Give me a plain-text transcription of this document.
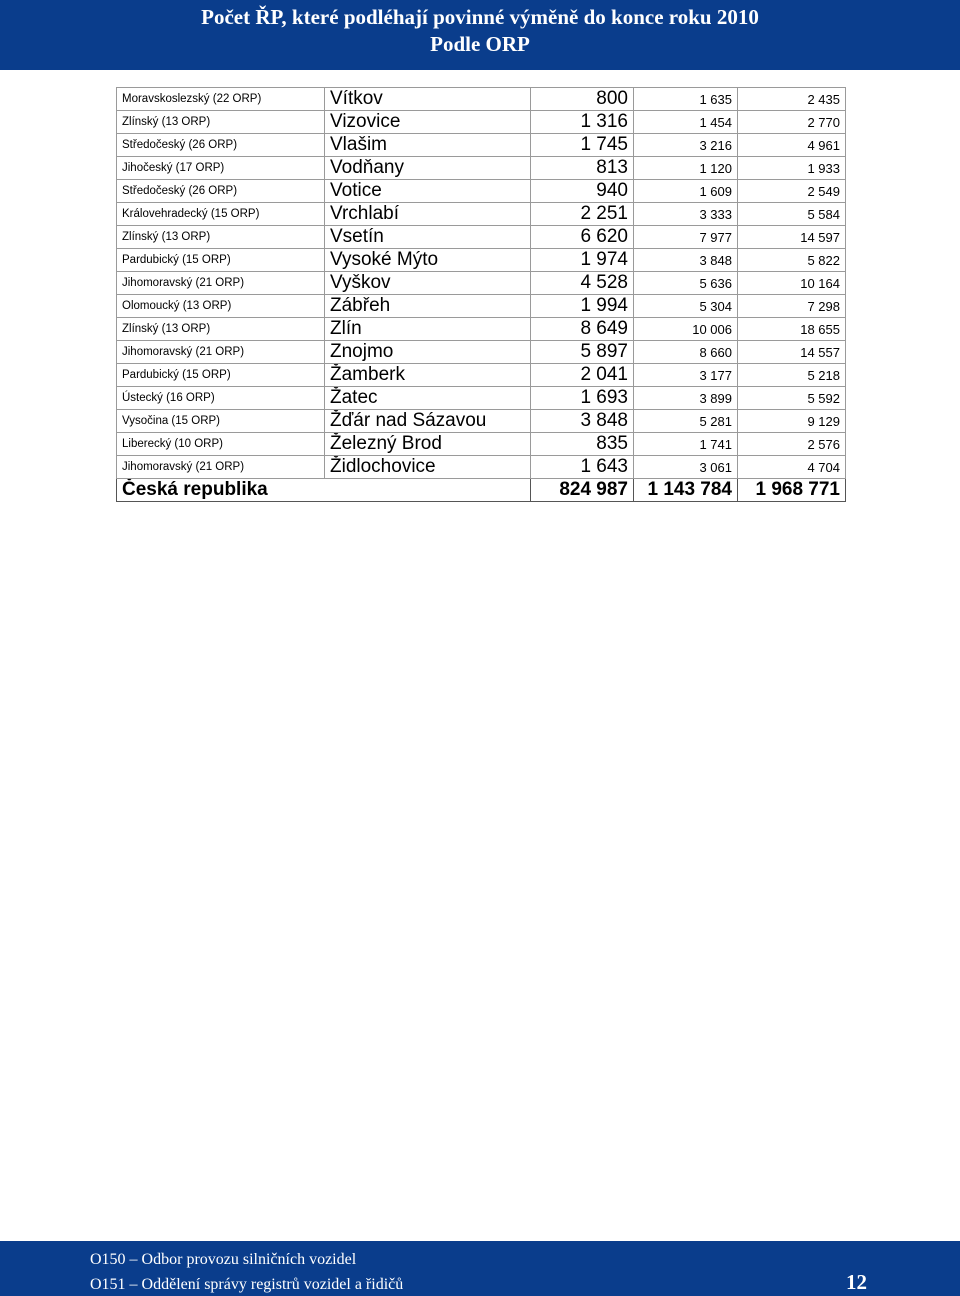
Počet ŘP, které podléhají povinné výměně do konce roku 2010
Podle ORP
Moravskoslezský (22 ORP)	Vítkov	800	1 635	2 435
Zlínský (13 ORP)	Vizovice	1 316	1 454	2 770
Středočeský (26 ORP)	Vlašim	1 745	3 216	4 961
Jihočeský (17 ORP)	Vodňany	813	1 120	1 933
Středočeský (26 ORP)	Votice	940	1 609	2 549
Královehradecký (15 ORP)	Vrchlabí	2 251	3 333	5 584
Zlínský (13 ORP)	Vsetín	6 620	7 977	14 597
Pardubický (15 ORP)	Vysoké Mýto	1 974	3 848	5 822
Jihomoravský (21 ORP)	Vyškov	4 528	5 636	10 164
Olomoucký (13 ORP)	Zábřeh	1 994	5 304	7 298
Zlínský (13 ORP)	Zlín	8 649	10 006	18 655
Jihomoravský (21 ORP)	Znojmo	5 897	8 660	14 557
Pardubický (15 ORP)	Žamberk	2 041	3 177	5 218
Ústecký (16 ORP)	Žatec	1 693	3 899	5 592
Vysočina (15 ORP)	Žďár nad Sázavou	3 848	5 281	9 129
Liberecký (10 ORP)	Železný Brod	835	1 741	2 576
Jihomoravský (21 ORP)	Židlochovice	1 643	3 061	4 704
Česká republika		824 987	1 143 784	1 968 771
O150 – Odbor provozu silničních vozidel
O151 – Oddělení správy registrů vozidel a řidičů	12
